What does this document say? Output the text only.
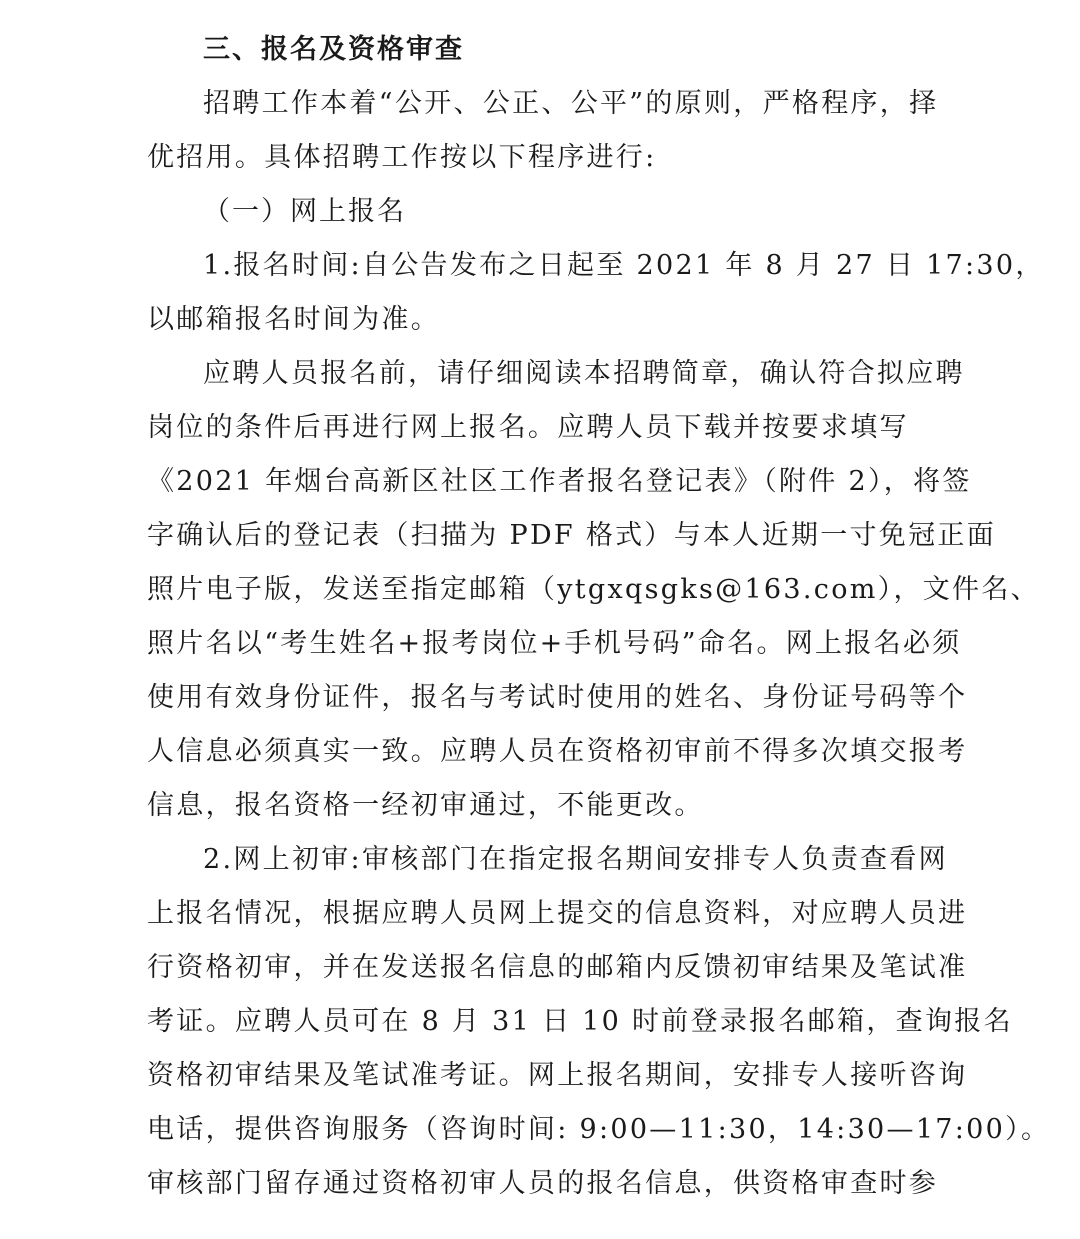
三、报名及资格审查
招聘工作本着“公开、公正、公平”的原则，严格程序，择
优招用。具体招聘工作按以下程序进行:
（一）网上报名
1.报名时间:自公告发布之日起至 2021 年 8 月 27 日 17:30，
以邮箱报名时间为准。
应聘人员报名前，请仔细阅读本招聘简章，确认符合拟应聘
岗位的条件后再进行网上报名。应聘人员下载并按要求填写
《2021 年烟台高新区社区工作者报名登记表》（附件 2），将签
字确认后的登记表（扫描为 PDF 格式）与本人近期一寸免冠正面
照片电子版，发送至指定邮箱（ytgxqsgks@163.com），文件名、
照片名以“考生姓名+报考岗位+手机号码”命名。网上报名必须
使用有效身份证件，报名与考试时使用的姓名、身份证号码等个
人信息必须真实一致。应聘人员在资格初审前不得多次填交报考
信息，报名资格一经初审通过，不能更改。
2.网上初审:审核部门在指定报名期间安排专人负责查看网
上报名情况，根据应聘人员网上提交的信息资料，对应聘人员进
行资格初审，并在发送报名信息的邮箱内反馈初审结果及笔试准
考证。应聘人员可在 8 月 31 日 10 时前登录报名邮箱，查询报名
资格初审结果及笔试准考证。网上报名期间，安排专人接听咨询
电话，提供咨询服务（咨询时间: 9:00—11:30，14:30—17:00）。
审核部门留存通过资格初审人员的报名信息，供资格审查时参
